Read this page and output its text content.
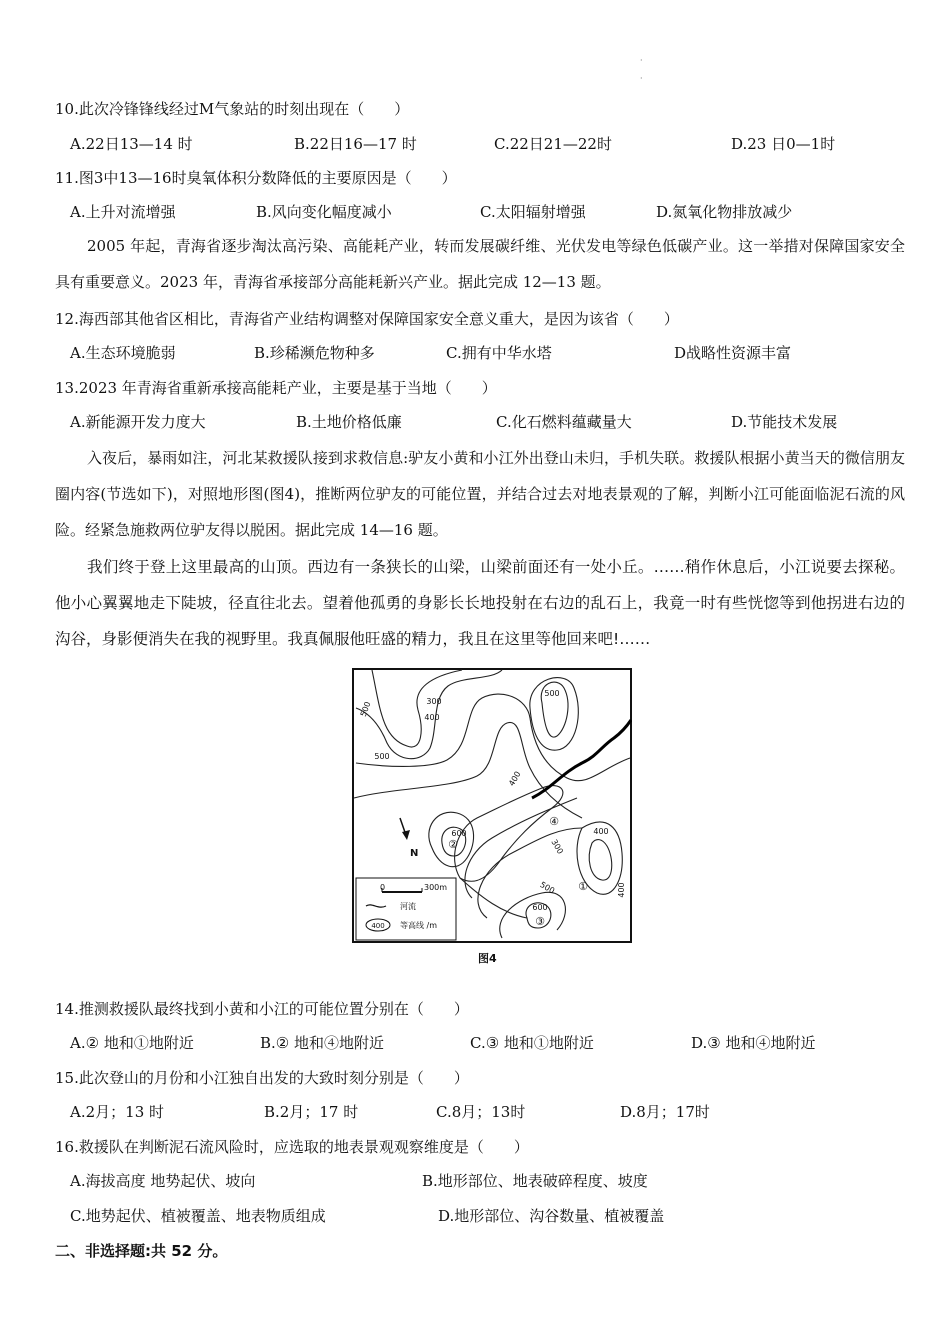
·
·
10.此次冷锋锋线经过M气象站的时刻出现在（　　）
A.22日13—14 时	B.22日16—17 时	C.22日21—22时	D.23 日0—1时
11.图3中13—16时臭氧体积分数降低的主要原因是（　　）
A.上升对流增强	B.风向变化幅度减小	C.太阳辐射增强	D.氮氧化物排放减少
2005 年起，青海省逐步淘汰高污染、高能耗产业，转而发展碳纤维、光伏发电等绿色低碳产业。这一举措对保障国家安全具有重要意义。2023 年，青海省承接部分高能耗新兴产业。据此完成 12—13 题。
12.海西部其他省区相比，青海省产业结构调整对保障国家安全意义重大，是因为该省（　　）
A.生态环境脆弱	B.珍稀濒危物种多	C.拥有中华水塔	D战略性资源丰富
13.2023 年青海省重新承接高能耗产业，主要是基于当地（　　）
A.新能源开发力度大	B.土地价格低廉	C.化石燃料蕴藏量大	D.节能技术发展
入夜后，暴雨如注，河北某救援队接到求救信息:驴友小黄和小江外出登山未归，手机失联。救援队根据小黄当天的微信朋友圈内容(节选如下)，对照地形图(图4)，推断两位驴友的可能位置，并结合过去对地表景观的了解，判断小江可能面临泥石流的风险。经紧急施救两位驴友得以脱困。据此完成 14—16 题。
我们终于登上这里最高的山顶。西边有一条狭长的山梁，山梁前面还有一处小丘。……稍作休息后，小江说要去探秘。他小心翼翼地走下陡坡，径直往北去。望着他孤勇的身影长长地投射在右边的乱石上，我竟一时有些恍惚等到他拐进右边的沟谷，身影便消失在我的视野里。我真佩服他旺盛的精力，我且在这里等他回来吧!……
300
400
500
500
500
600
400
400
300
500	400
600
②
④
①
③
N
0	300m
河流
400 等高线 /m
图4
14.推测救援队最终找到小黄和小江的可能位置分别在（　　）
A.② 地和①地附近	B.② 地和④地附近	C.③ 地和①地附近	D.③ 地和④地附近
15.此次登山的月份和小江独自出发的大致时刻分别是（　　）
A.2月；13 时	B.2月；17 时	C.8月；13时	D.8月；17时
16.救援队在判断泥石流风险时，应选取的地表景观观察维度是（　　）
A.海拔高度 地势起伏、坡向	B.地形部位、地表破碎程度、坡度
C.地势起伏、植被覆盖、地表物质组成	D.地形部位、沟谷数量、植被覆盖
二、非选择题:共 52 分。
